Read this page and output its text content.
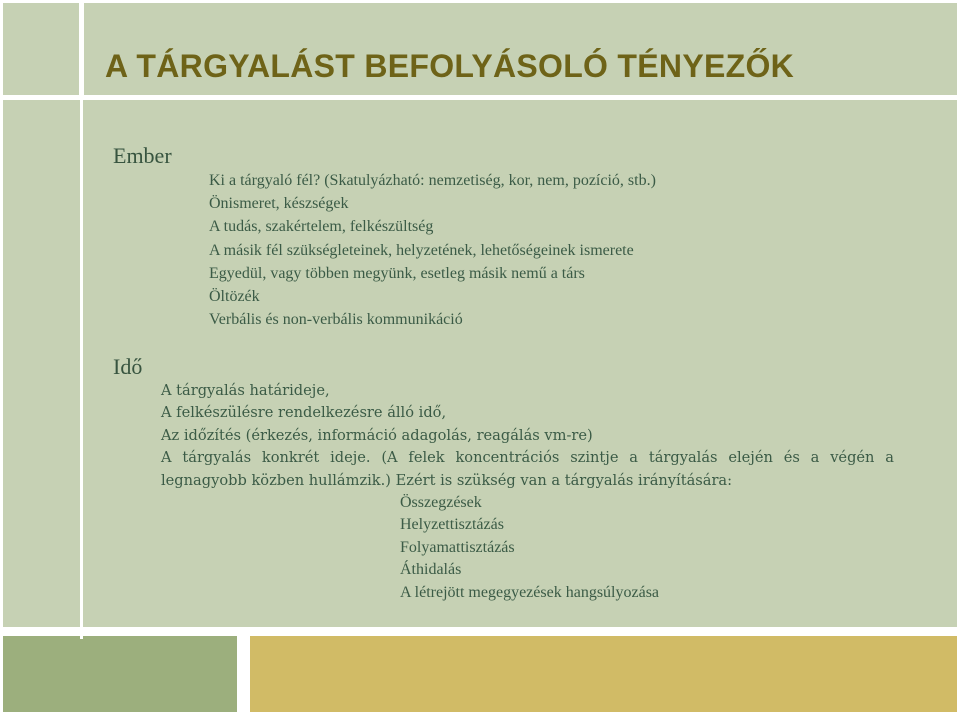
A TÁRGYALÁST BEFOLYÁSOLÓ TÉNYEZŐK
Ember
Ki a tárgyaló fél? (Skatulyázható: nemzetiség, kor, nem, pozíció, stb.)
Önismeret, készségek
A tudás, szakértelem, felkészültség
A másik fél szükségleteinek, helyzetének, lehetőségeinek ismerete
Egyedül, vagy többen megyünk, esetleg másik nemű a társ
Öltözék
Verbális és non-verbális kommunikáció
Idő
A tárgyalás határideje,
A felkészülésre rendelkezésre álló idő,
Az időzítés (érkezés, információ adagolás, reagálás vm-re)
A tárgyalás konkrét ideje. (A felek koncentrációs szintje a tárgyalás elején és a végén a legnagyobb közben hullámzik.) Ezért is szükség van a tárgyalás irányítására:
Összegzések
Helyzettisztázás
Folyamattisztázás
Áthidalás
A létrejött megegyezések hangsúlyozása
